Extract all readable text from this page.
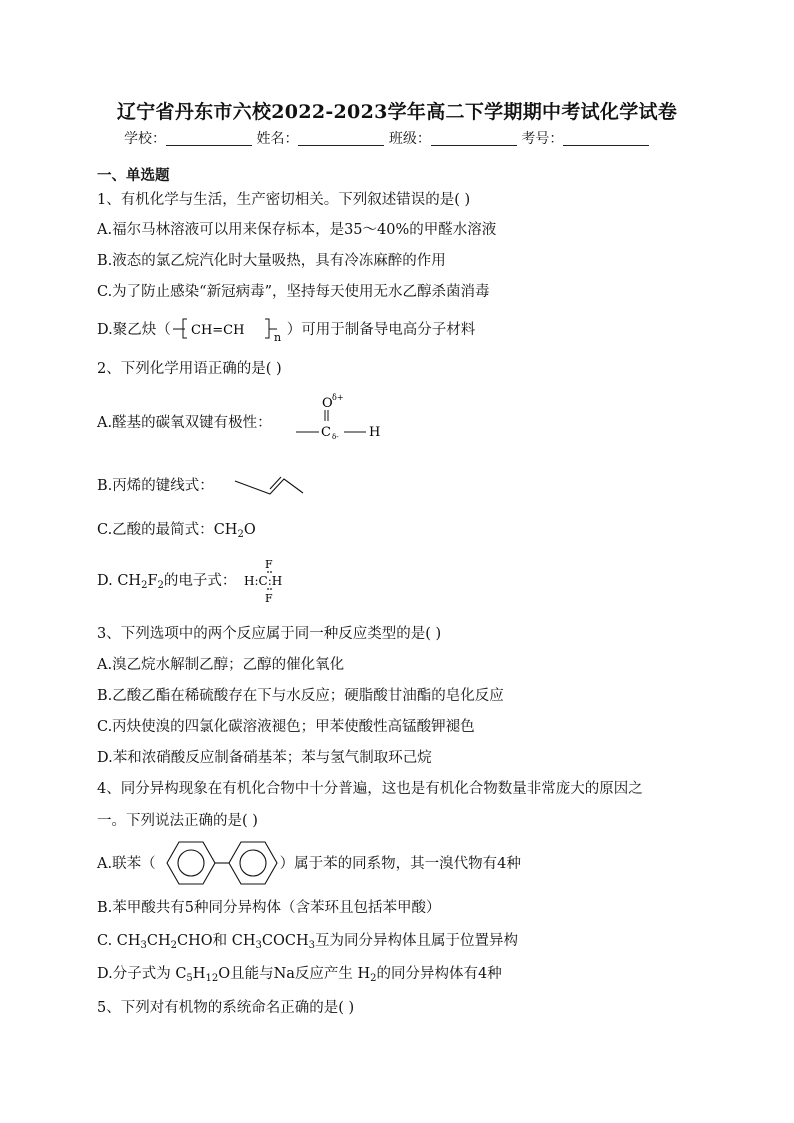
辽宁省丹东市六校2022-2023学年高二下学期期中考试化学试卷
学校：	姓名：	班级：	考号：
一、单选题
1、有机化学与生活，生产密切相关。下列叙述错误的是( )
A.福尔马林溶液可以用来保存标本，是35～40%的甲醛水溶液
B.液态的氯乙烷汽化时大量吸热，具有冷冻麻醉的作用
C.为了防止感染“新冠病毒”，坚持每天使用无水乙醇杀菌消毒
D.聚乙炔（ CH=CH	n ）可用于制备导电高分子材料
2、下列化学用语正确的是( )
A.醛基的碳氧双键有极性：
O δ+
C δ- H
B.丙烯的键线式：
C.乙酸的最简式：$CH_2O$
D. $CH_2F_2$的电子式：
F
H:C:H
F
3、下列选项中的两个反应属于同一种反应类型的是( )
A.溴乙烷水解制乙醇；乙醇的催化氧化
B.乙酸乙酯在稀硫酸存在下与水反应；硬脂酸甘油酯的皂化反应
C.丙炔使溴的四氯化碳溶液褪色；甲苯使酸性高锰酸钾褪色
D.苯和浓硝酸反应制备硝基苯；苯与氢气制取环己烷
4、同分异构现象在有机化合物中十分普遍，这也是有机化合物数量非常庞大的原因之
一。下列说法正确的是( )
A.联苯（	）属于苯的同系物，其一溴代物有4种
B.苯甲酸共有5种同分异构体（含苯环且包括苯甲酸）
C. $CH_3CH_2CHO$和 $CH_3COCH_3$互为同分异构体且属于位置异构
D.分子式为 $C_5H_{12}O$且能与Na反应产生 $H_2$的同分异构体有4种
5、下列对有机物的系统命名正确的是( )
